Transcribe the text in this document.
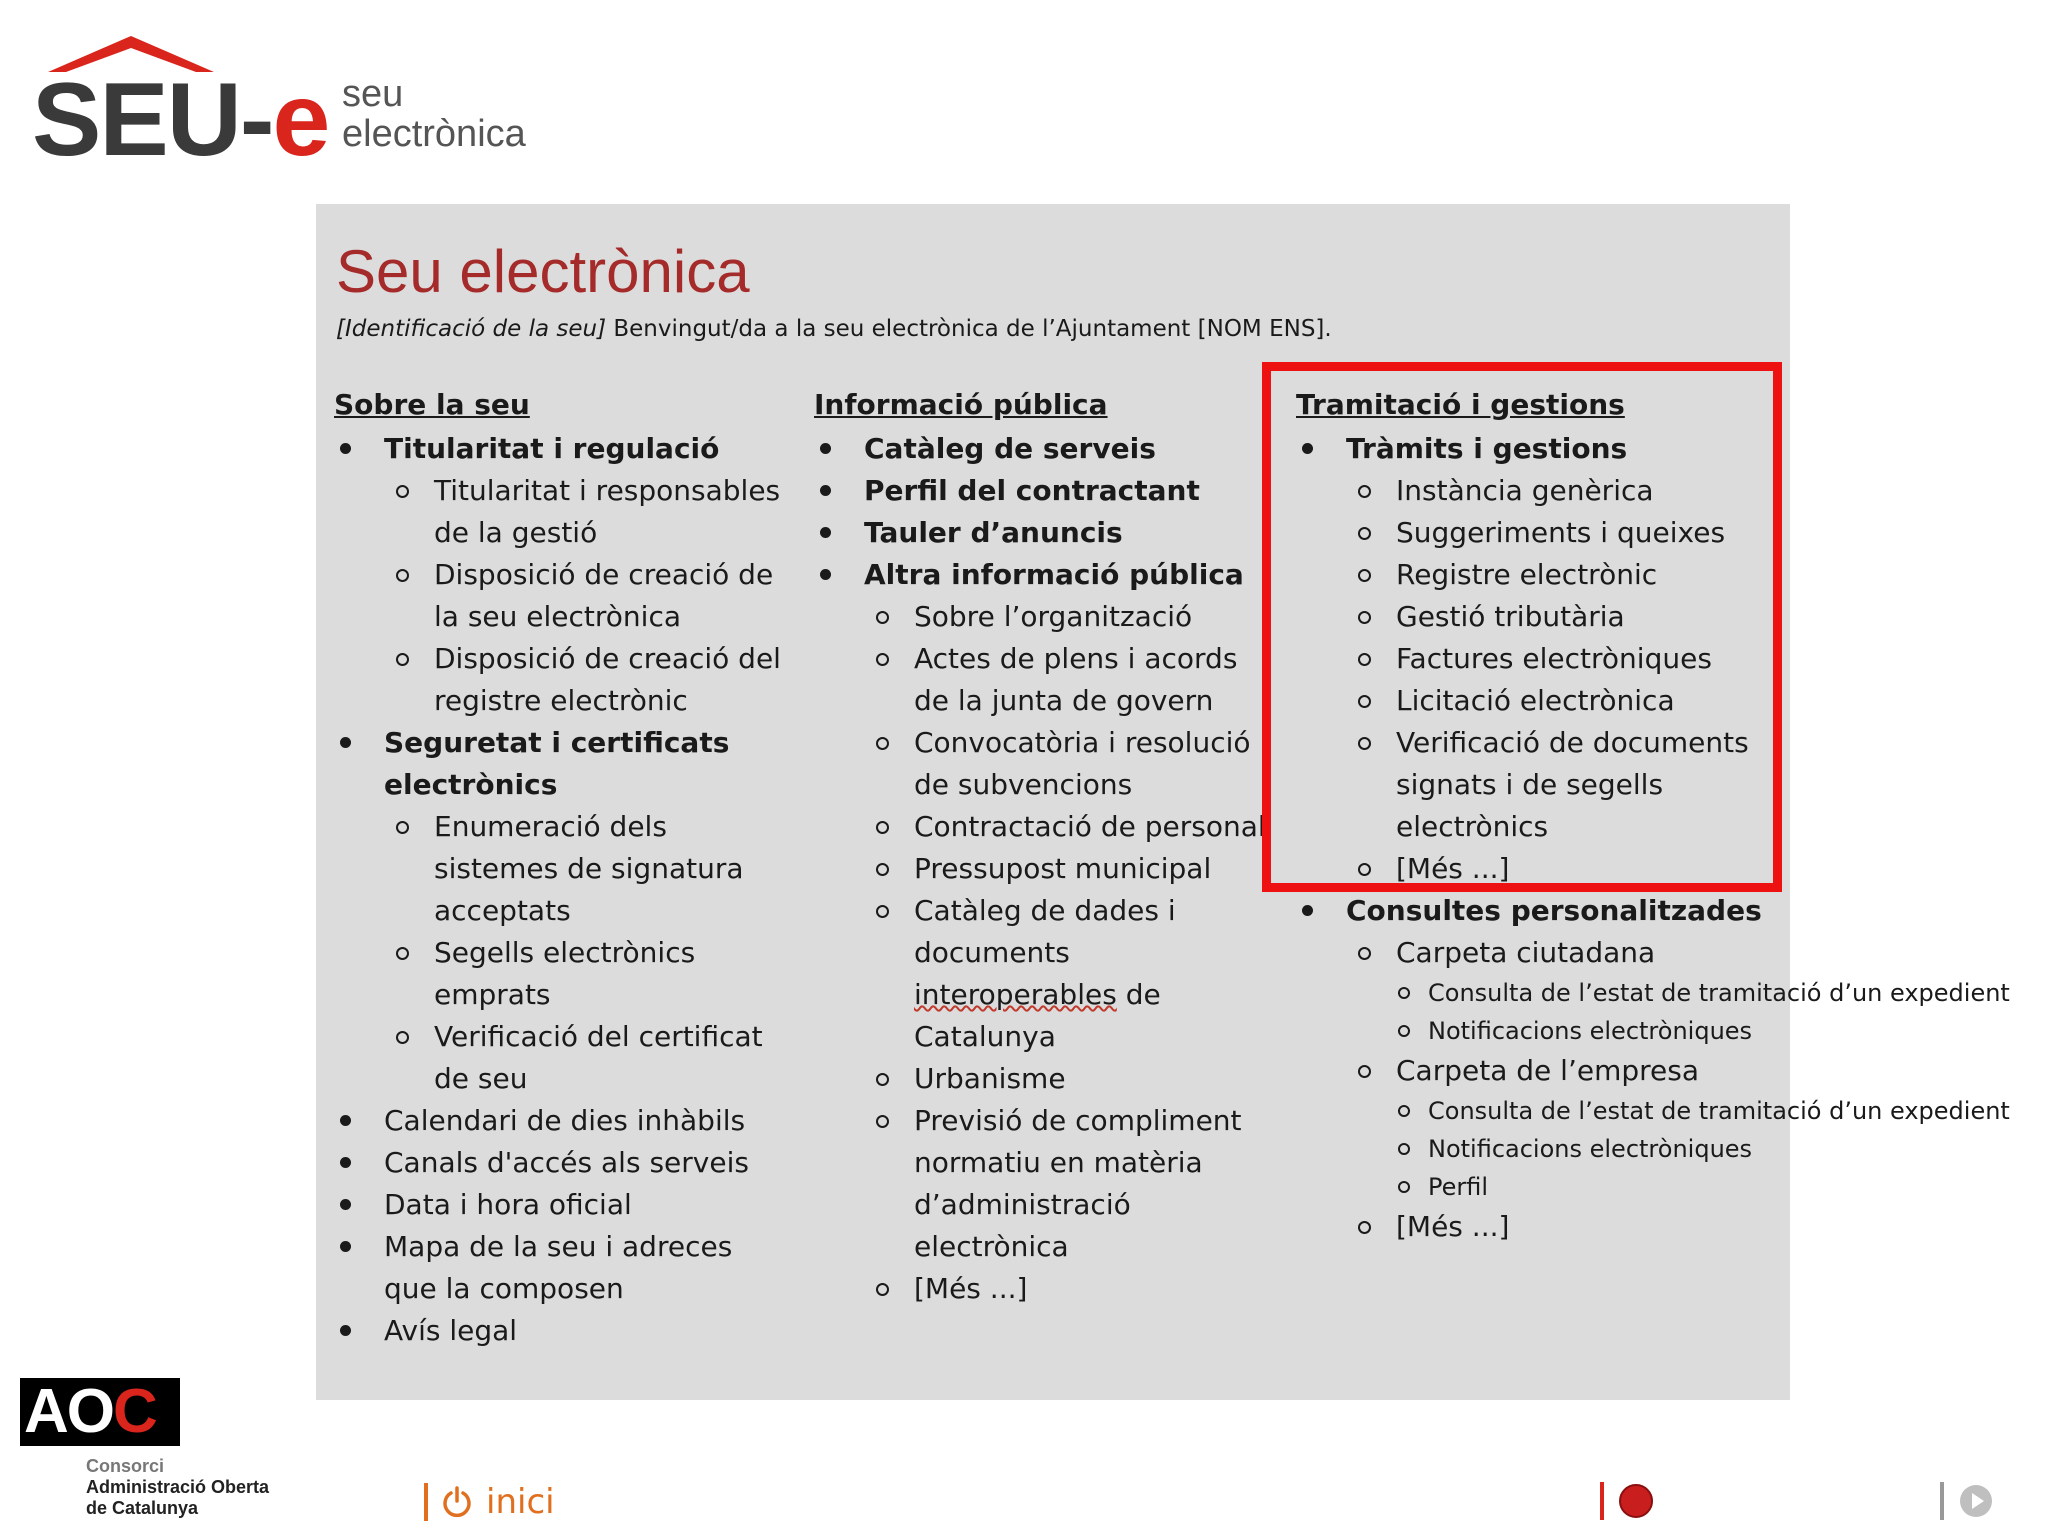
SEU-e seu
electrònica
Seu electrònica
[Identificació de la seu] Benvingut/da a la seu electrònica de l’Ajuntament [NOM ENS].
Sobre la seu
Titularitat i regulació
Titularitat i responsables de la gestió
Disposició de creació de la seu electrònica
Disposició de creació del registre electrònic
Seguretat i certificats electrònics
Enumeració dels sistemes de signatura acceptats
Segells electrònics emprats
Verificació del certificat de seu
Calendari de dies inhàbils
Canals d'accés als serveis
Data i hora oficial
Mapa de la seu i adreces que la composen
Avís legal
Informació pública
Catàleg de serveis
Perfil del contractant
Tauler d’anuncis
Altra informació pública
Sobre l’organització
Actes de plens i acords de la junta de govern
Convocatòria i resolució de subvencions
Contractació de personal
Pressupost municipal
Catàleg de dades i documents
interoperables de Catalunya
Urbanisme
Previsió de compliment normatiu en matèria d’administració electrònica
[Més ...]
Tramitació i gestions
Tràmits i gestions
Instància genèrica
Suggeriments i queixes
Registre electrònic
Gestió tributària
Factures electròniques
Licitació electrònica
Verificació de documents signats i de segells electrònics
[Més ...]
Consultes personalitzades
Carpeta ciutadana
Consulta de l’estat de tramitació d’un expedient
Notificacions electròniques
Carpeta de l’empresa
Consulta de l’estat de tramitació d’un expedient
Notificacions electròniques
Perfil
[Més ...]
AOC
Consorci
Administració Oberta
de Catalunya	inici
